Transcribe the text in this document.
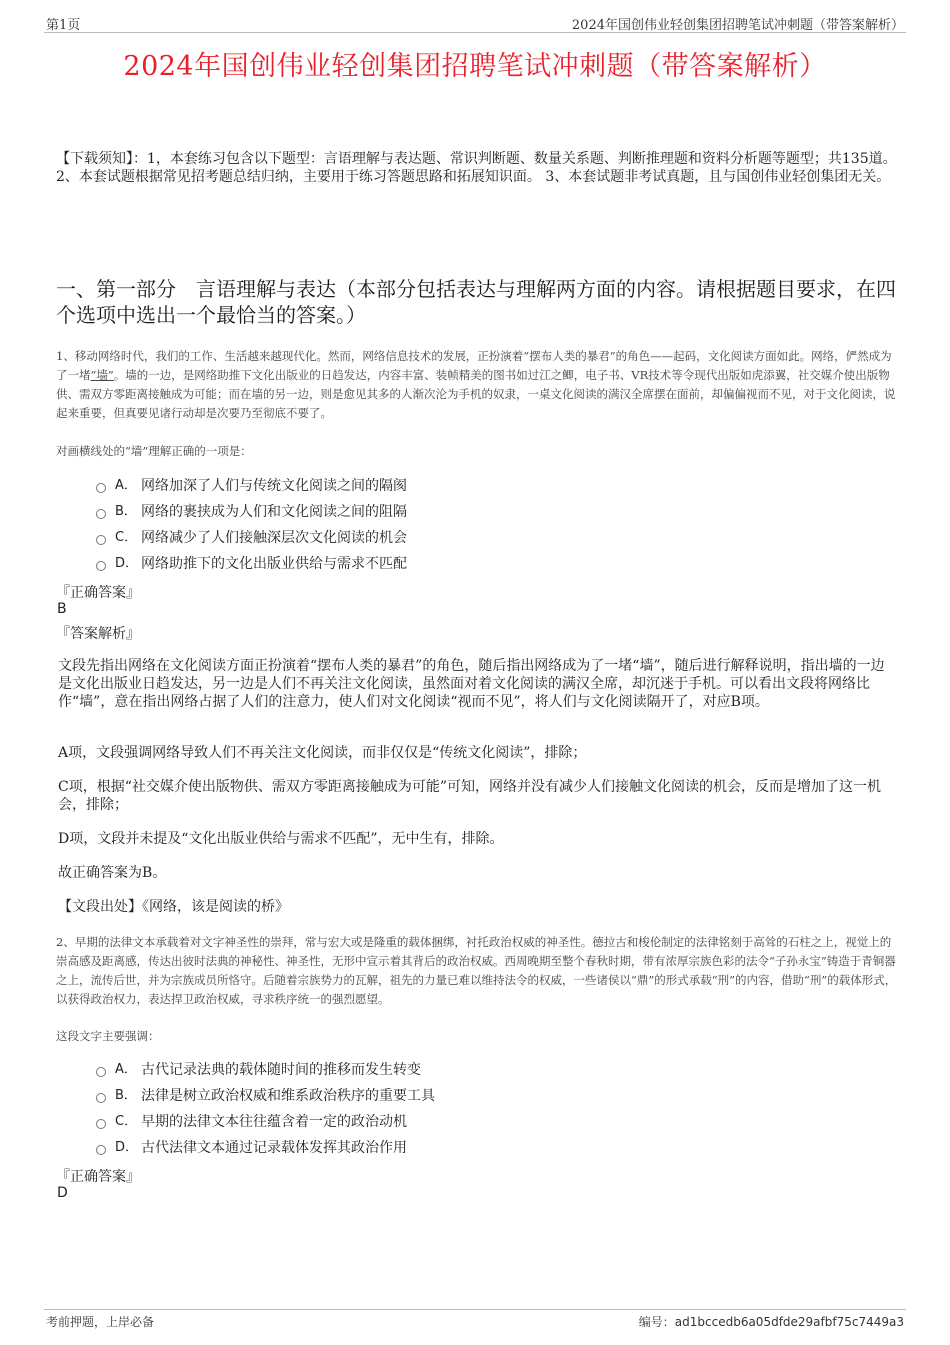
第1页	2024年国创伟业轻创集团招聘笔试冲刺题（带答案解析）
2024年国创伟业轻创集团招聘笔试冲刺题（带答案解析）
【下载须知】：1，本套练习包含以下题型：言语理解与表达题、常识判断题、数量关系题、判断推理题和资料分析题等题型；共135道。 2、本套试题根据常见招考题总结归纳，主要用于练习答题思路和拓展知识面。 3、本套试题非考试真题，且与国创伟业轻创集团无关。
一、第一部分　言语理解与表达（本部分包括表达与理解两方面的内容。请根据题目要求，在四个选项中选出一个最恰当的答案。）
1、移动网络时代，我们的工作、生活越来越现代化。然而，网络信息技术的发展，正扮演着“摆布人类的暴君”的角色——起码，文化阅读方面如此。网络，俨然成为了一堵“墙”。墙的一边，是网络助推下文化出版业的日趋发达，内容丰富、装帧精美的图书如过江之鲫，电子书、VR技术等令现代出版如虎添翼，社交媒介使出版物供、需双方零距离接触成为可能；而在墙的另一边，则是愈见其多的人渐次沦为手机的奴隶，一桌文化阅读的满汉全席摆在面前，却偏偏视而不见，对于文化阅读，说起来重要，但真要见诸行动却是次要乃至彻底不要了。
对画横线处的“墙”理解正确的一项是：
A． 网络加深了人们与传统文化阅读之间的隔阂
B． 网络的裹挟成为人们和文化阅读之间的阻隔
C． 网络减少了人们接触深层次文化阅读的机会
D． 网络助推下的文化出版业供给与需求不匹配
『正确答案』
B
『答案解析』
文段先指出网络在文化阅读方面正扮演着“摆布人类的暴君”的角色，随后指出网络成为了一堵“墙”，随后进行解释说明，指出墙的一边是文化出版业日趋发达，另一边是人们不再关注文化阅读，虽然面对着文化阅读的满汉全席，却沉迷于手机。可以看出文段将网络比作“墙”，意在指出网络占据了人们的注意力，使人们对文化阅读“视而不见”，将人们与文化阅读隔开了，对应B项。
A项，文段强调网络导致人们不再关注文化阅读，而非仅仅是“传统文化阅读”，排除；
C项，根据“社交媒介使出版物供、需双方零距离接触成为可能”可知，网络并没有减少人们接触文化阅读的机会，反而是增加了这一机会，排除；
D项，文段并未提及“文化出版业供给与需求不匹配”，无中生有，排除。
故正确答案为B。
【文段出处】《网络，该是阅读的桥》
2、早期的法律文本承载着对文字神圣性的崇拜，常与宏大或是隆重的载体捆绑，衬托政治权威的神圣性。德拉古和梭伦制定的法律铭刻于高耸的石柱之上，视觉上的崇高感及距离感，传达出彼时法典的神秘性、神圣性，无形中宣示着其背后的政治权威。西周晚期至整个春秋时期，带有浓厚宗族色彩的法令“子孙永宝”铸造于青铜器之上，流传后世，并为宗族成员所恪守。后随着宗族势力的瓦解，祖先的力量已难以维持法令的权威，一些诸侯以“鼎”的形式承载“刑”的内容，借助“刑”的载体形式，以获得政治权力，表达捍卫政治权威，寻求秩序统一的强烈愿望。
这段文字主要强调：
A． 古代记录法典的载体随时间的推移而发生转变
B． 法律是树立政治权威和维系政治秩序的重要工具
C． 早期的法律文本往往蕴含着一定的政治动机
D． 古代法律文本通过记录载体发挥其政治作用
『正确答案』
D
考前押题，上岸必备	编号：ad1bccedb6a05dfde29afbf75c7449a3
